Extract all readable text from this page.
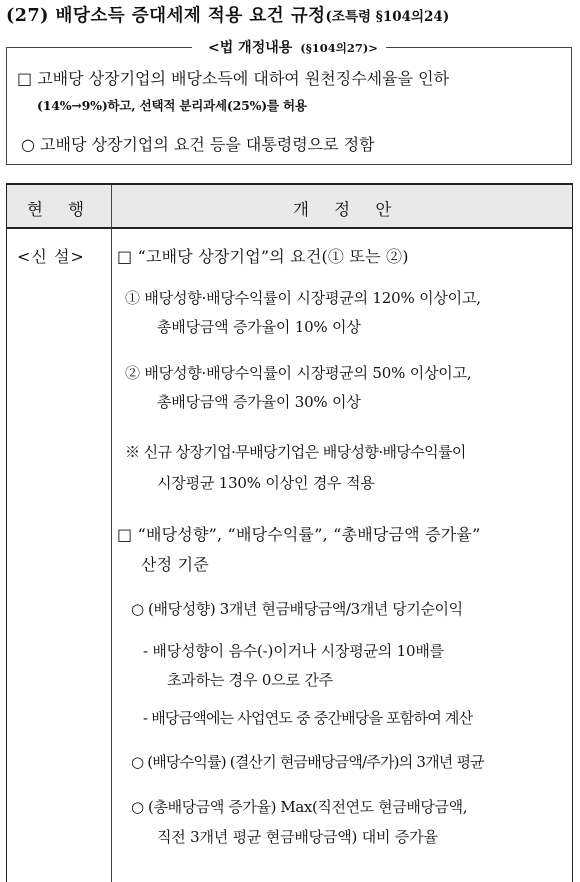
(27) 배당소득 증대세제 적용 요건 규정(조특령 §104의24)
<법 개정내용 (§104의27)>
□ 고배당 상장기업의 배당소득에 대하여 원천징수세율을 인하
(14%→9%)하고, 선택적 분리과세(25%)를 허용
○ 고배당 상장기업의 요건 등을 대통령령으로 정함
현 행	개 정 안
<신 설> □ “고배당 상장기업”의 요건(① 또는 ②)
① 배당성향·배당수익률이 시장평균의 120% 이상이고,
총배당금액 증가율이 10% 이상
② 배당성향·배당수익률이 시장평균의 50% 이상이고,
총배당금액 증가율이 30% 이상
※ 신규 상장기업·무배당기업은 배당성향·배당수익률이
시장평균 130% 이상인 경우 적용
□ “배당성향”, “배당수익률”, “총배당금액 증가율”
산정 기준
○ (배당성향) 3개년 현금배당금액/3개년 당기순이익
- 배당성향이 음수(-)이거나 시장평균의 10배를
초과하는 경우 0으로 간주
- 배당금액에는 사업연도 중 중간배당을 포함하여 계산
○ (배당수익률) (결산기 현금배당금액/주가)의 3개년 평균
○ (총배당금액 증가율) Max(직전연도 현금배당금액,
직전 3개년 평균 현금배당금액) 대비 증가율
